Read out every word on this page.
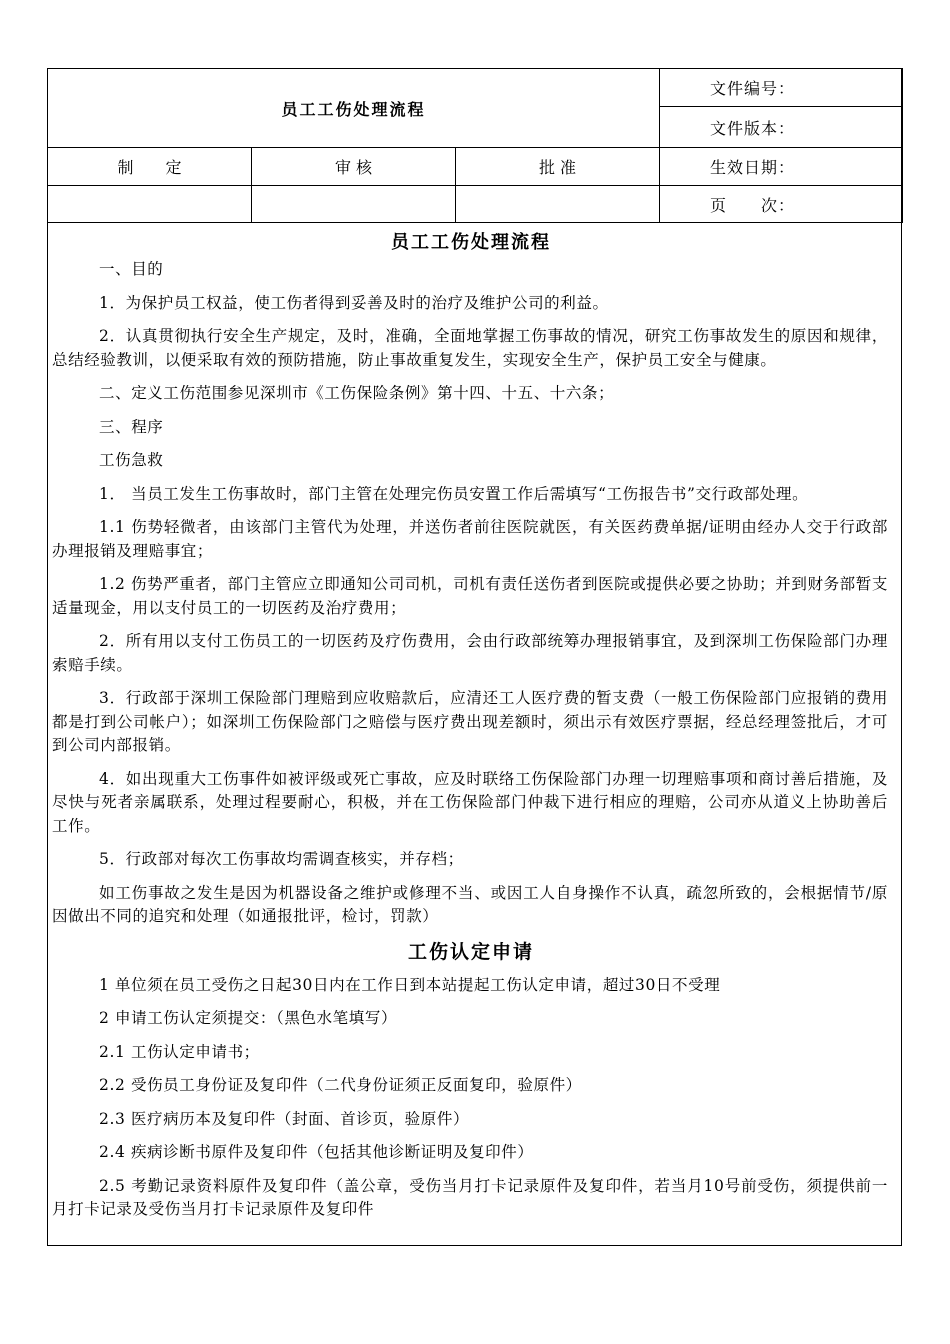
员工工伤处理流程			文件编号：
			文件版本：
制　　定	审 核	批 准	生效日期：
			页　　次：
员工工伤处理流程

一、目的

1．为保护员工权益，使工伤者得到妥善及时的治疗及维护公司的利益。

2．认真贯彻执行安全生产规定，及时，准确，全面地掌握工伤事故的情况，研究工伤事故发生的原因和规律，总结经验教训，以便采取有效的预防措施，防止事故重复发生，实现安全生产，保护员工安全与健康。

二、定义工伤范围参见深圳市《工伤保险条例》第十四、十五、十六条；

三、程序

工伤急救

1． 当员工发生工伤事故时，部门主管在处理完伤员安置工作后需填写“工伤报告书”交行政部处理。

1.1 伤势轻微者，由该部门主管代为处理，并送伤者前往医院就医，有关医药费单据/证明由经办人交于行政部办理报销及理赔事宜；

1.2 伤势严重者，部门主管应立即通知公司司机，司机有责任送伤者到医院或提供必要之协助；并到财务部暂支适量现金，用以支付员工的一切医药及治疗费用；

2．所有用以支付工伤员工的一切医药及疗伤费用，会由行政部统筹办理报销事宜，及到深圳工伤保险部门办理索赔手续。

3．行政部于深圳工保险部门理赔到应收赔款后，应清还工人医疗费的暂支费（一般工伤保险部门应报销的费用都是打到公司帐户）；如深圳工伤保险部门之赔偿与医疗费出现差额时，须出示有效医疗票据，经总经理签批后，才可到公司内部报销。

4．如出现重大工伤事件如被评级或死亡事故，应及时联络工伤保险部门办理一切理赔事项和商讨善后措施，及尽快与死者亲属联系，处理过程要耐心，积极，并在工伤保险部门仲裁下进行相应的理赔，公司亦从道义上协助善后工作。

5．行政部对每次工伤事故均需调查核实，并存档；

如工伤事故之发生是因为机器设备之维护或修理不当、或因工人自身操作不认真，疏忽所致的，会根据情节/原因做出不同的追究和处理（如通报批评，检讨，罚款）

工伤认定申请

1 单位须在员工受伤之日起30日内在工作日到本站提起工伤认定申请，超过30日不受理

2 申请工伤认定须提交：（黑色水笔填写）

2.1 工伤认定申请书；

2.2 受伤员工身份证及复印件（二代身份证须正反面复印，验原件）

2.3 医疗病历本及复印件（封面、首诊页，验原件）

2.4 疾病诊断书原件及复印件（包括其他诊断证明及复印件）

2.5 考勤记录资料原件及复印件（盖公章，受伤当月打卡记录原件及复印件，若当月10号前受伤，须提供前一月打卡记录及受伤当月打卡记录原件及复印件
